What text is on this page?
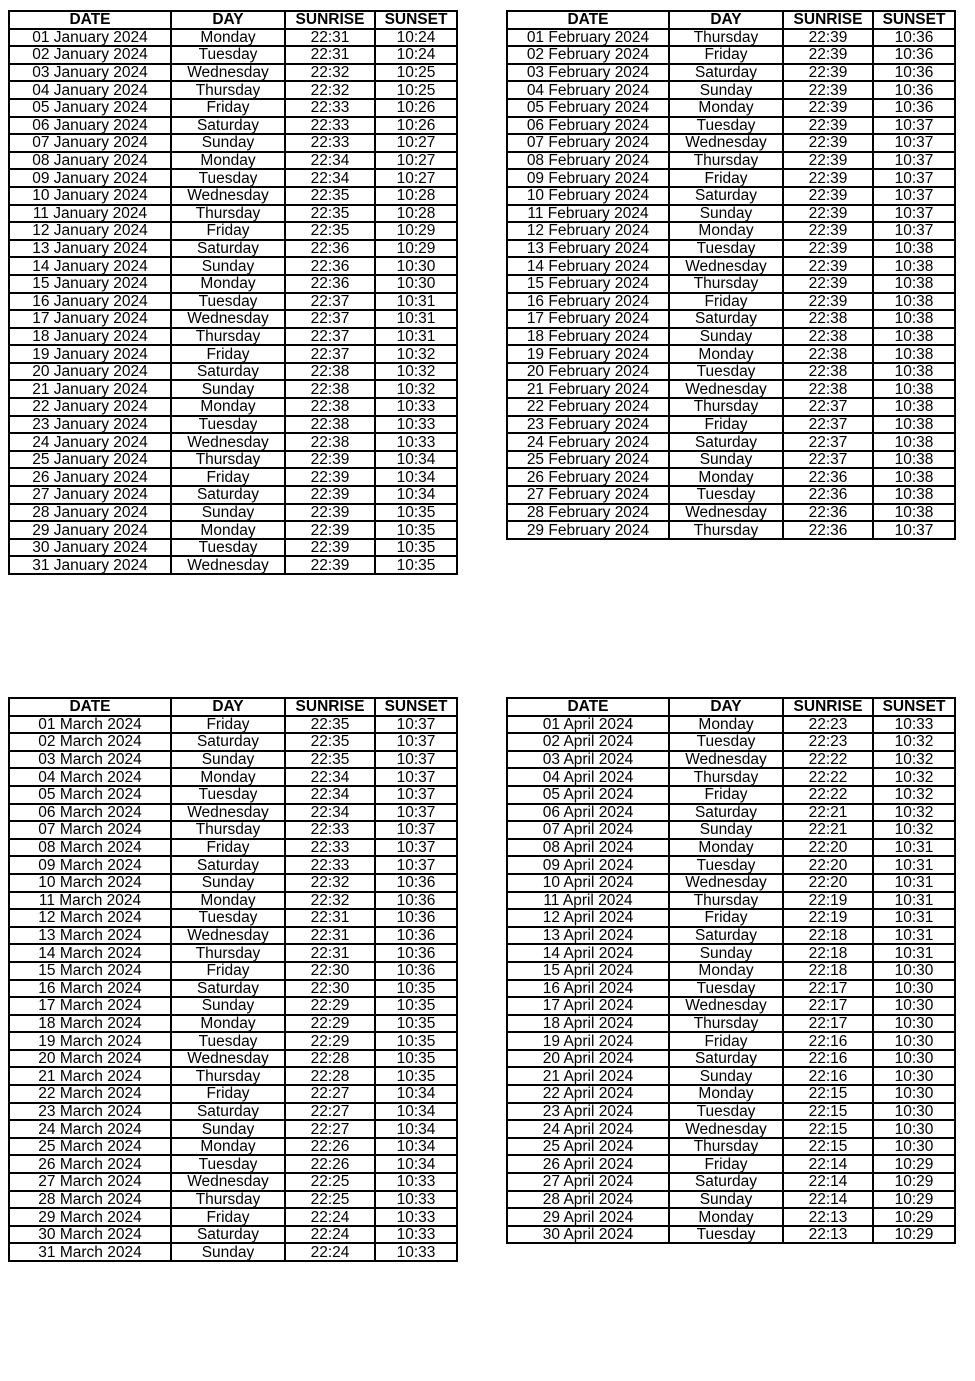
DATE	DAY	SUNRISE	SUNSET
01 January 2024	Monday	22:31	10:24
02 January 2024	Tuesday	22:31	10:24
03 January 2024	Wednesday	22:32	10:25
04 January 2024	Thursday	22:32	10:25
05 January 2024	Friday	22:33	10:26
06 January 2024	Saturday	22:33	10:26
07 January 2024	Sunday	22:33	10:27
08 January 2024	Monday	22:34	10:27
09 January 2024	Tuesday	22:34	10:27
10 January 2024	Wednesday	22:35	10:28
11 January 2024	Thursday	22:35	10:28
12 January 2024	Friday	22:35	10:29
13 January 2024	Saturday	22:36	10:29
14 January 2024	Sunday	22:36	10:30
15 January 2024	Monday	22:36	10:30
16 January 2024	Tuesday	22:37	10:31
17 January 2024	Wednesday	22:37	10:31
18 January 2024	Thursday	22:37	10:31
19 January 2024	Friday	22:37	10:32
20 January 2024	Saturday	22:38	10:32
21 January 2024	Sunday	22:38	10:32
22 January 2024	Monday	22:38	10:33
23 January 2024	Tuesday	22:38	10:33
24 January 2024	Wednesday	22:38	10:33
25 January 2024	Thursday	22:39	10:34
26 January 2024	Friday	22:39	10:34
27 January 2024	Saturday	22:39	10:34
28 January 2024	Sunday	22:39	10:35
29 January 2024	Monday	22:39	10:35
30 January 2024	Tuesday	22:39	10:35
31 January 2024	Wednesday	22:39	10:35
DATE	DAY	SUNRISE	SUNSET
01 February 2024	Thursday	22:39	10:36
02 February 2024	Friday	22:39	10:36
03 February 2024	Saturday	22:39	10:36
04 February 2024	Sunday	22:39	10:36
05 February 2024	Monday	22:39	10:36
06 February 2024	Tuesday	22:39	10:37
07 February 2024	Wednesday	22:39	10:37
08 February 2024	Thursday	22:39	10:37
09 February 2024	Friday	22:39	10:37
10 February 2024	Saturday	22:39	10:37
11 February 2024	Sunday	22:39	10:37
12 February 2024	Monday	22:39	10:37
13 February 2024	Tuesday	22:39	10:38
14 February 2024	Wednesday	22:39	10:38
15 February 2024	Thursday	22:39	10:38
16 February 2024	Friday	22:39	10:38
17 February 2024	Saturday	22:38	10:38
18 February 2024	Sunday	22:38	10:38
19 February 2024	Monday	22:38	10:38
20 February 2024	Tuesday	22:38	10:38
21 February 2024	Wednesday	22:38	10:38
22 February 2024	Thursday	22:37	10:38
23 February 2024	Friday	22:37	10:38
24 February 2024	Saturday	22:37	10:38
25 February 2024	Sunday	22:37	10:38
26 February 2024	Monday	22:36	10:38
27 February 2024	Tuesday	22:36	10:38
28 February 2024	Wednesday	22:36	10:38
29 February 2024	Thursday	22:36	10:37
DATE	DAY	SUNRISE	SUNSET
01 March 2024	Friday	22:35	10:37
02 March 2024	Saturday	22:35	10:37
03 March 2024	Sunday	22:35	10:37
04 March 2024	Monday	22:34	10:37
05 March 2024	Tuesday	22:34	10:37
06 March 2024	Wednesday	22:34	10:37
07 March 2024	Thursday	22:33	10:37
08 March 2024	Friday	22:33	10:37
09 March 2024	Saturday	22:33	10:37
10 March 2024	Sunday	22:32	10:36
11 March 2024	Monday	22:32	10:36
12 March 2024	Tuesday	22:31	10:36
13 March 2024	Wednesday	22:31	10:36
14 March 2024	Thursday	22:31	10:36
15 March 2024	Friday	22:30	10:36
16 March 2024	Saturday	22:30	10:35
17 March 2024	Sunday	22:29	10:35
18 March 2024	Monday	22:29	10:35
19 March 2024	Tuesday	22:29	10:35
20 March 2024	Wednesday	22:28	10:35
21 March 2024	Thursday	22:28	10:35
22 March 2024	Friday	22:27	10:34
23 March 2024	Saturday	22:27	10:34
24 March 2024	Sunday	22:27	10:34
25 March 2024	Monday	22:26	10:34
26 March 2024	Tuesday	22:26	10:34
27 March 2024	Wednesday	22:25	10:33
28 March 2024	Thursday	22:25	10:33
29 March 2024	Friday	22:24	10:33
30 March 2024	Saturday	22:24	10:33
31 March 2024	Sunday	22:24	10:33
DATE	DAY	SUNRISE	SUNSET
01 April 2024	Monday	22:23	10:33
02 April 2024	Tuesday	22:23	10:32
03 April 2024	Wednesday	22:22	10:32
04 April 2024	Thursday	22:22	10:32
05 April 2024	Friday	22:22	10:32
06 April 2024	Saturday	22:21	10:32
07 April 2024	Sunday	22:21	10:32
08 April 2024	Monday	22:20	10:31
09 April 2024	Tuesday	22:20	10:31
10 April 2024	Wednesday	22:20	10:31
11 April 2024	Thursday	22:19	10:31
12 April 2024	Friday	22:19	10:31
13 April 2024	Saturday	22:18	10:31
14 April 2024	Sunday	22:18	10:31
15 April 2024	Monday	22:18	10:30
16 April 2024	Tuesday	22:17	10:30
17 April 2024	Wednesday	22:17	10:30
18 April 2024	Thursday	22:17	10:30
19 April 2024	Friday	22:16	10:30
20 April 2024	Saturday	22:16	10:30
21 April 2024	Sunday	22:16	10:30
22 April 2024	Monday	22:15	10:30
23 April 2024	Tuesday	22:15	10:30
24 April 2024	Wednesday	22:15	10:30
25 April 2024	Thursday	22:15	10:30
26 April 2024	Friday	22:14	10:29
27 April 2024	Saturday	22:14	10:29
28 April 2024	Sunday	22:14	10:29
29 April 2024	Monday	22:13	10:29
30 April 2024	Tuesday	22:13	10:29
